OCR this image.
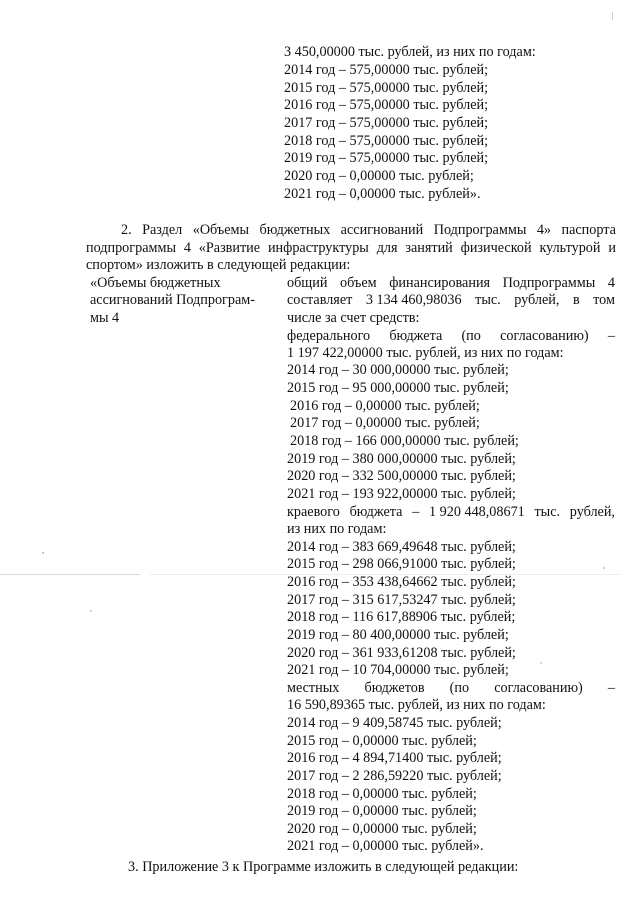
3 450,00000 тыс. рублей, из них по годам:
2014 год – 575,00000 тыс. рублей;
2015 год – 575,00000 тыс. рублей;
2016 год – 575,00000 тыс. рублей;
2017 год – 575,00000 тыс. рублей;
2018 год – 575,00000 тыс. рублей;
2019 год – 575,00000 тыс. рублей;
2020 год – 0,00000 тыс. рублей;
2021 год – 0,00000 тыс. рублей».
2. Раздел «Объемы бюджетных ассигнований Подпрограммы 4» паспорта
подпрограммы 4 «Развитие инфраструктуры для занятий физической культурой и
спортом» изложить в следующей редакции:
«Объемы бюджетных
ассигнований Подпрограм-
мы 4
общий объем финансирования Подпрограммы 4
составляет 3 134 460,98036 тыс. рублей, в том
числе за счет средств:
федерального бюджета (по согласованию) –
1 197 422,00000 тыс. рублей, из них по годам:
2014 год – 30 000,00000 тыс. рублей;
2015 год – 95 000,00000 тыс. рублей;
2016 год – 0,00000 тыс. рублей;
2017 год – 0,00000 тыс. рублей;
2018 год – 166 000,00000 тыс. рублей;
2019 год – 380 000,00000 тыс. рублей;
2020 год – 332 500,00000 тыс. рублей;
2021 год – 193 922,00000 тыс. рублей;
краевого бюджета – 1 920 448,08671 тыс. рублей,
из них по годам:
2014 год – 383 669,49648 тыс. рублей;
2015 год – 298 066,91000 тыс. рублей;
2016 год – 353 438,64662 тыс. рублей;
2017 год – 315 617,53247 тыс. рублей;
2018 год – 116 617,88906 тыс. рублей;
2019 год – 80 400,00000 тыс. рублей;
2020 год – 361 933,61208 тыс. рублей;
2021 год – 10 704,00000 тыс. рублей;
местных бюджетов (по согласованию) –
16 590,89365 тыс. рублей, из них по годам:
2014 год – 9 409,58745 тыс. рублей;
2015 год – 0,00000 тыс. рублей;
2016 год – 4 894,71400 тыс. рублей;
2017 год – 2 286,59220 тыс. рублей;
2018 год – 0,00000 тыс. рублей;
2019 год – 0,00000 тыс. рублей;
2020 год – 0,00000 тыс. рублей;
2021 год – 0,00000 тыс. рублей».
3. Приложение 3 к Программе изложить в следующей редакции:
